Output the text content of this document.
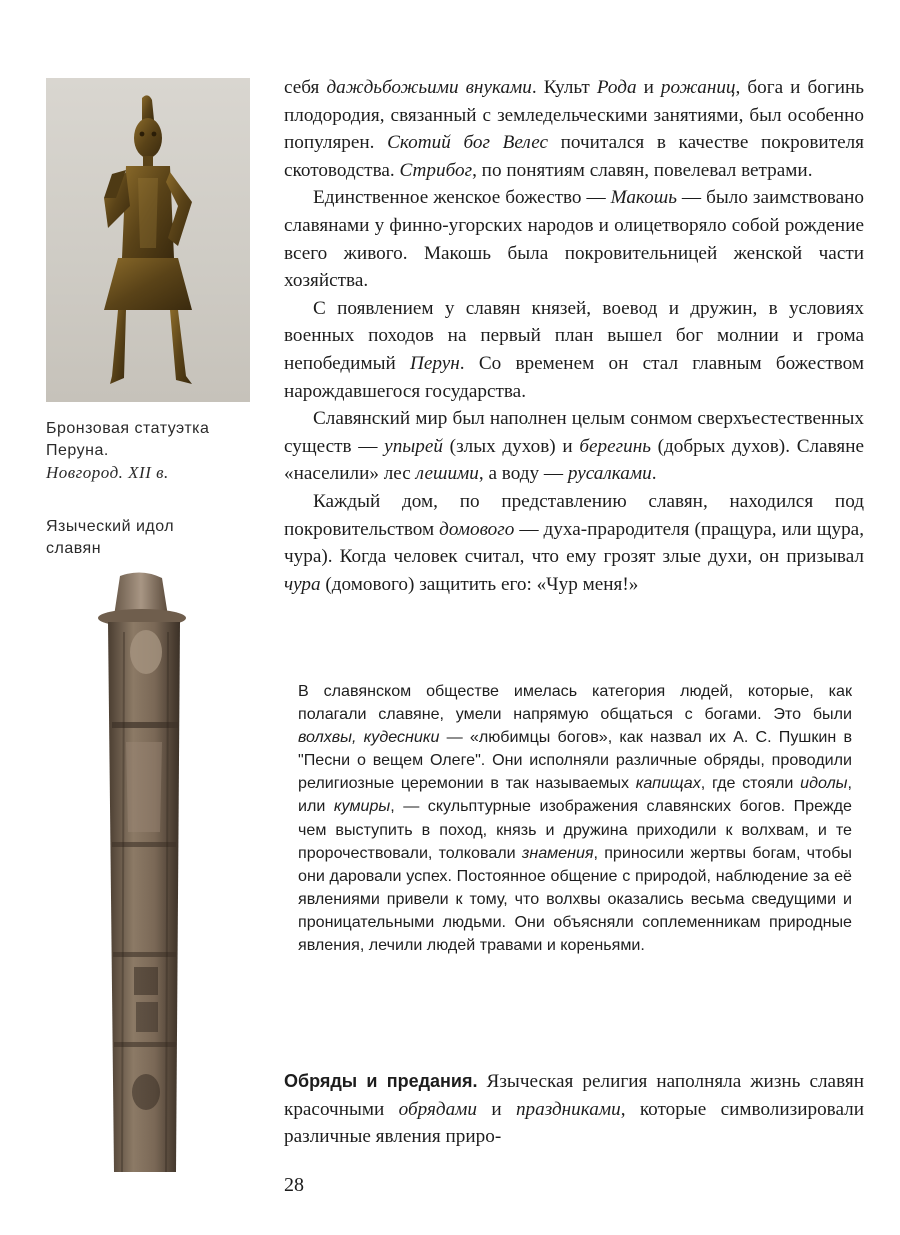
Бронзовая статуэтка
Перуна.
Новгород. XII в.
Языческий идол
славян

себя даждьбожьими внуками. Культ Рода и рожаниц, бога и богинь плодородия, связанный с земледельческими занятиями, был особенно популярен. Скотий бог Велес почитался в качестве покровителя скотоводства. Стрибог, по понятиям славян, повелевал ветрами.

Единственное женское божество — Макошь — было заимствовано славянами у финно-угорских народов и олицетворяло собой рождение всего живого. Макошь была покровительницей женской части хозяйства.

С появлением у славян князей, воевод и дружин, в условиях военных походов на первый план вышел бог молнии и грома непобедимый Перун. Со временем он стал главным божеством нарождавшегося государства.

Славянский мир был наполнен целым сонмом сверхъестественных существ — упырей (злых духов) и берегинь (добрых духов). Славяне «населили» лес лешими, а воду — русалками.

Каждый дом, по представлению славян, находился под покровительством домового — духа-прародителя (пращура, или щура, чура). Когда человек считал, что ему грозят злые духи, он призывал чура (домового) защитить его: «Чур меня!»

В славянском обществе имелась категория людей, которые, как полагали славяне, умели напрямую общаться с богами. Это были волхвы, кудесники — «любимцы богов», как назвал их А. С. Пушкин в "Песни о вещем Олеге". Они исполняли различные обряды, проводили религиозные церемонии в так называемых капищах, где стояли идолы, или кумиры, — скульптурные изображения славянских богов. Прежде чем выступить в поход, князь и дружина приходили к волхвам, и те пророчествовали, толковали знамения, приносили жертвы богам, чтобы они даровали успех. Постоянное общение с природой, наблюдение за её явлениями привели к тому, что волхвы оказались весьма сведущими и проницательными людьми. Они объясняли соплеменникам природные явления, лечили людей травами и кореньями.

Обряды и предания. Языческая религия наполняла жизнь славян красочными обрядами и праздниками, которые символизировали различные явления приро-

28
